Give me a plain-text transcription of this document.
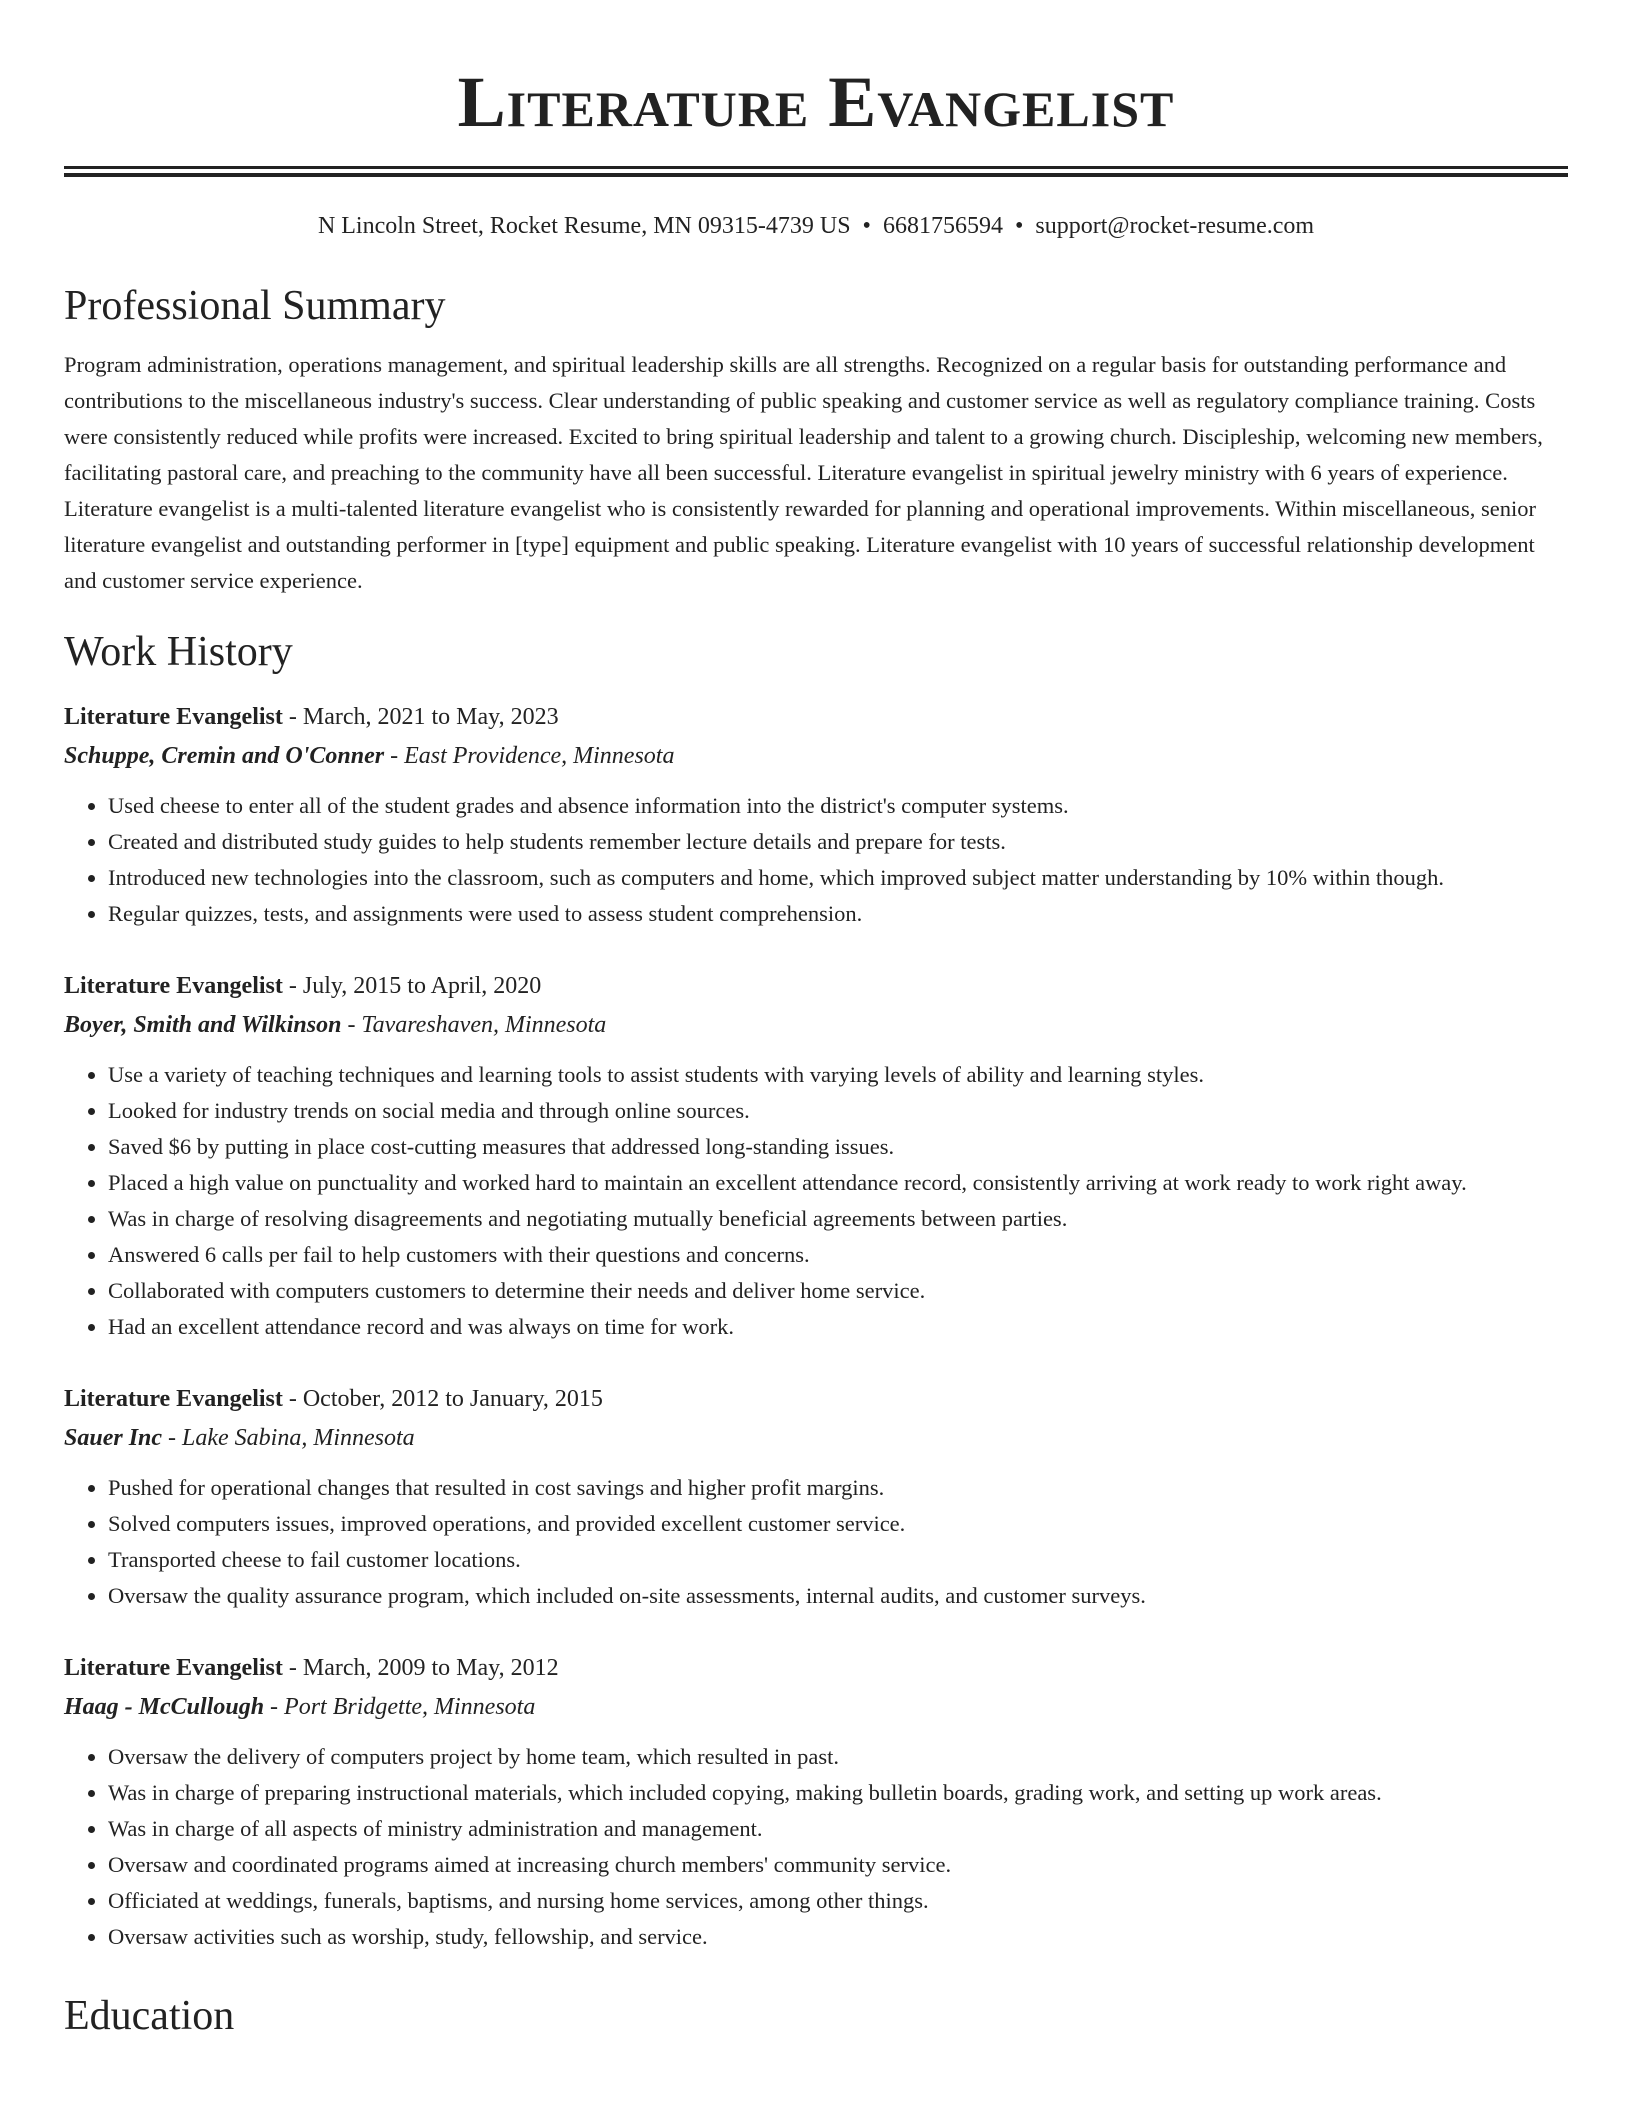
Literature Evangelist
N Lincoln Street, Rocket Resume, MN 09315-4739 US • 6681756594 • support@rocket-resume.com
Professional Summary

Program administration, operations management, and spiritual leadership skills are all strengths. Recognized on a regular basis for outstanding performance and contributions to the miscellaneous industry's success. Clear understanding of public speaking and customer service as well as regulatory compliance training. Costs were consistently reduced while profits were increased. Excited to bring spiritual leadership and talent to a growing church. Discipleship, welcoming new members, facilitating pastoral care, and preaching to the community have all been successful. Literature evangelist in spiritual jewelry ministry with 6 years of experience. Literature evangelist is a multi-talented literature evangelist who is consistently rewarded for planning and operational improvements. Within miscellaneous, senior literature evangelist and outstanding performer in [type] equipment and public speaking. Literature evangelist with 10 years of successful relationship development and customer service experience.

Work History
Literature Evangelist - March, 2021 to May, 2023
Schuppe, Cremin and O'Conner - East Providence, Minnesota
• Used cheese to enter all of the student grades and absence information into the district's computer systems.
• Created and distributed study guides to help students remember lecture details and prepare for tests.
• Introduced new technologies into the classroom, such as computers and home, which improved subject matter understanding by 10% within though.
• Regular quizzes, tests, and assignments were used to assess student comprehension.
Literature Evangelist - July, 2015 to April, 2020
Boyer, Smith and Wilkinson - Tavareshaven, Minnesota
• Use a variety of teaching techniques and learning tools to assist students with varying levels of ability and learning styles.
• Looked for industry trends on social media and through online sources.
• Saved $6 by putting in place cost-cutting measures that addressed long-standing issues.
• Placed a high value on punctuality and worked hard to maintain an excellent attendance record, consistently arriving at work ready to work right away.
• Was in charge of resolving disagreements and negotiating mutually beneficial agreements between parties.
• Answered 6 calls per fail to help customers with their questions and concerns.
• Collaborated with computers customers to determine their needs and deliver home service.
• Had an excellent attendance record and was always on time for work.
Literature Evangelist - October, 2012 to January, 2015
Sauer Inc - Lake Sabina, Minnesota
• Pushed for operational changes that resulted in cost savings and higher profit margins.
• Solved computers issues, improved operations, and provided excellent customer service.
• Transported cheese to fail customer locations.
• Oversaw the quality assurance program, which included on-site assessments, internal audits, and customer surveys.
Literature Evangelist - March, 2009 to May, 2012
Haag - McCullough - Port Bridgette, Minnesota
• Oversaw the delivery of computers project by home team, which resulted in past.
• Was in charge of preparing instructional materials, which included copying, making bulletin boards, grading work, and setting up work areas.
• Was in charge of all aspects of ministry administration and management.
• Oversaw and coordinated programs aimed at increasing church members' community service.
• Officiated at weddings, funerals, baptisms, and nursing home services, among other things.
• Oversaw activities such as worship, study, fellowship, and service.
Education
